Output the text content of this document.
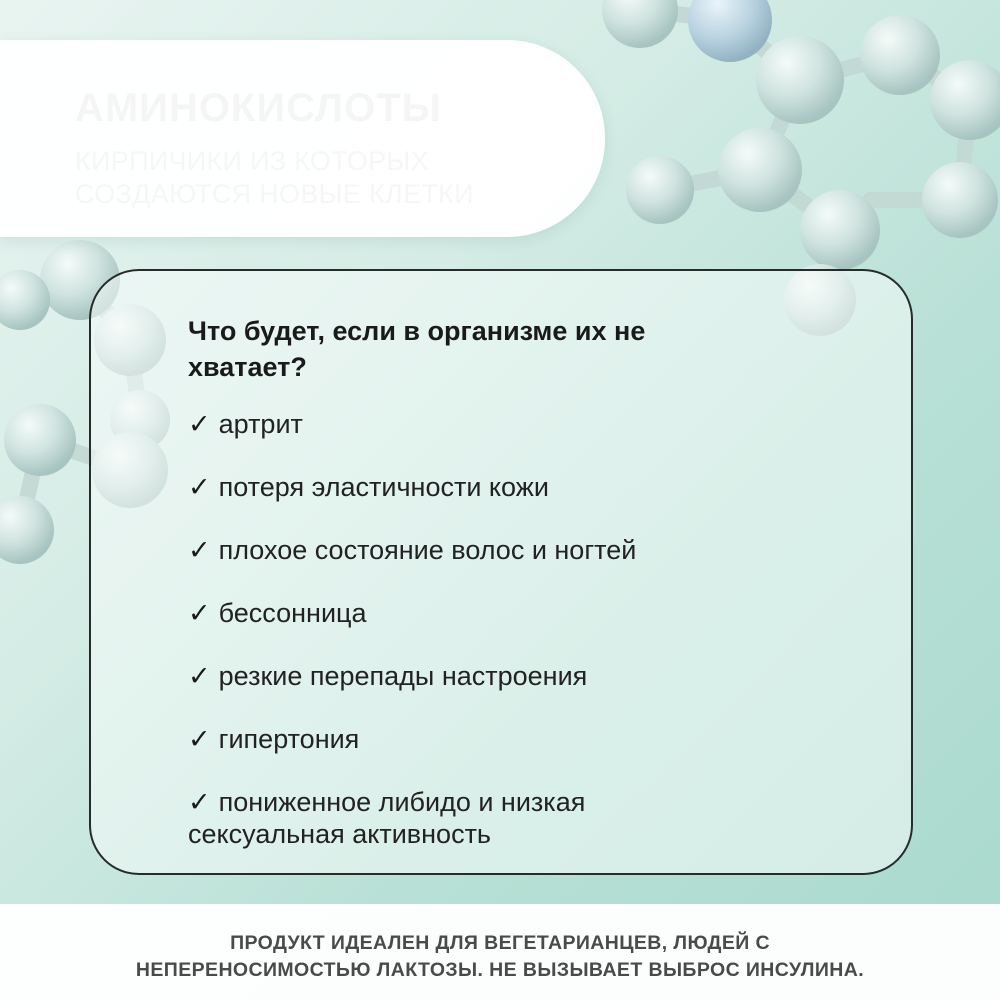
Что будет, если в организме их не
хватает?
✓ артрит
✓ потеря эластичности кожи
✓ плохое состояние волос и ногтей
✓ бессонница
✓ резкие перепады настроения
✓ гипертония
✓ пониженное либидо и низкая
сексуальная активность
ПРОДУКТ ИДЕАЛЕН ДЛЯ ВЕГЕТАРИАНЦЕВ, ЛЮДЕЙ С
НЕПЕРЕНОСИМОСТЬЮ ЛАКТОЗЫ. НЕ ВЫЗЫВАЕТ ВЫБРОС ИНСУЛИНА.
